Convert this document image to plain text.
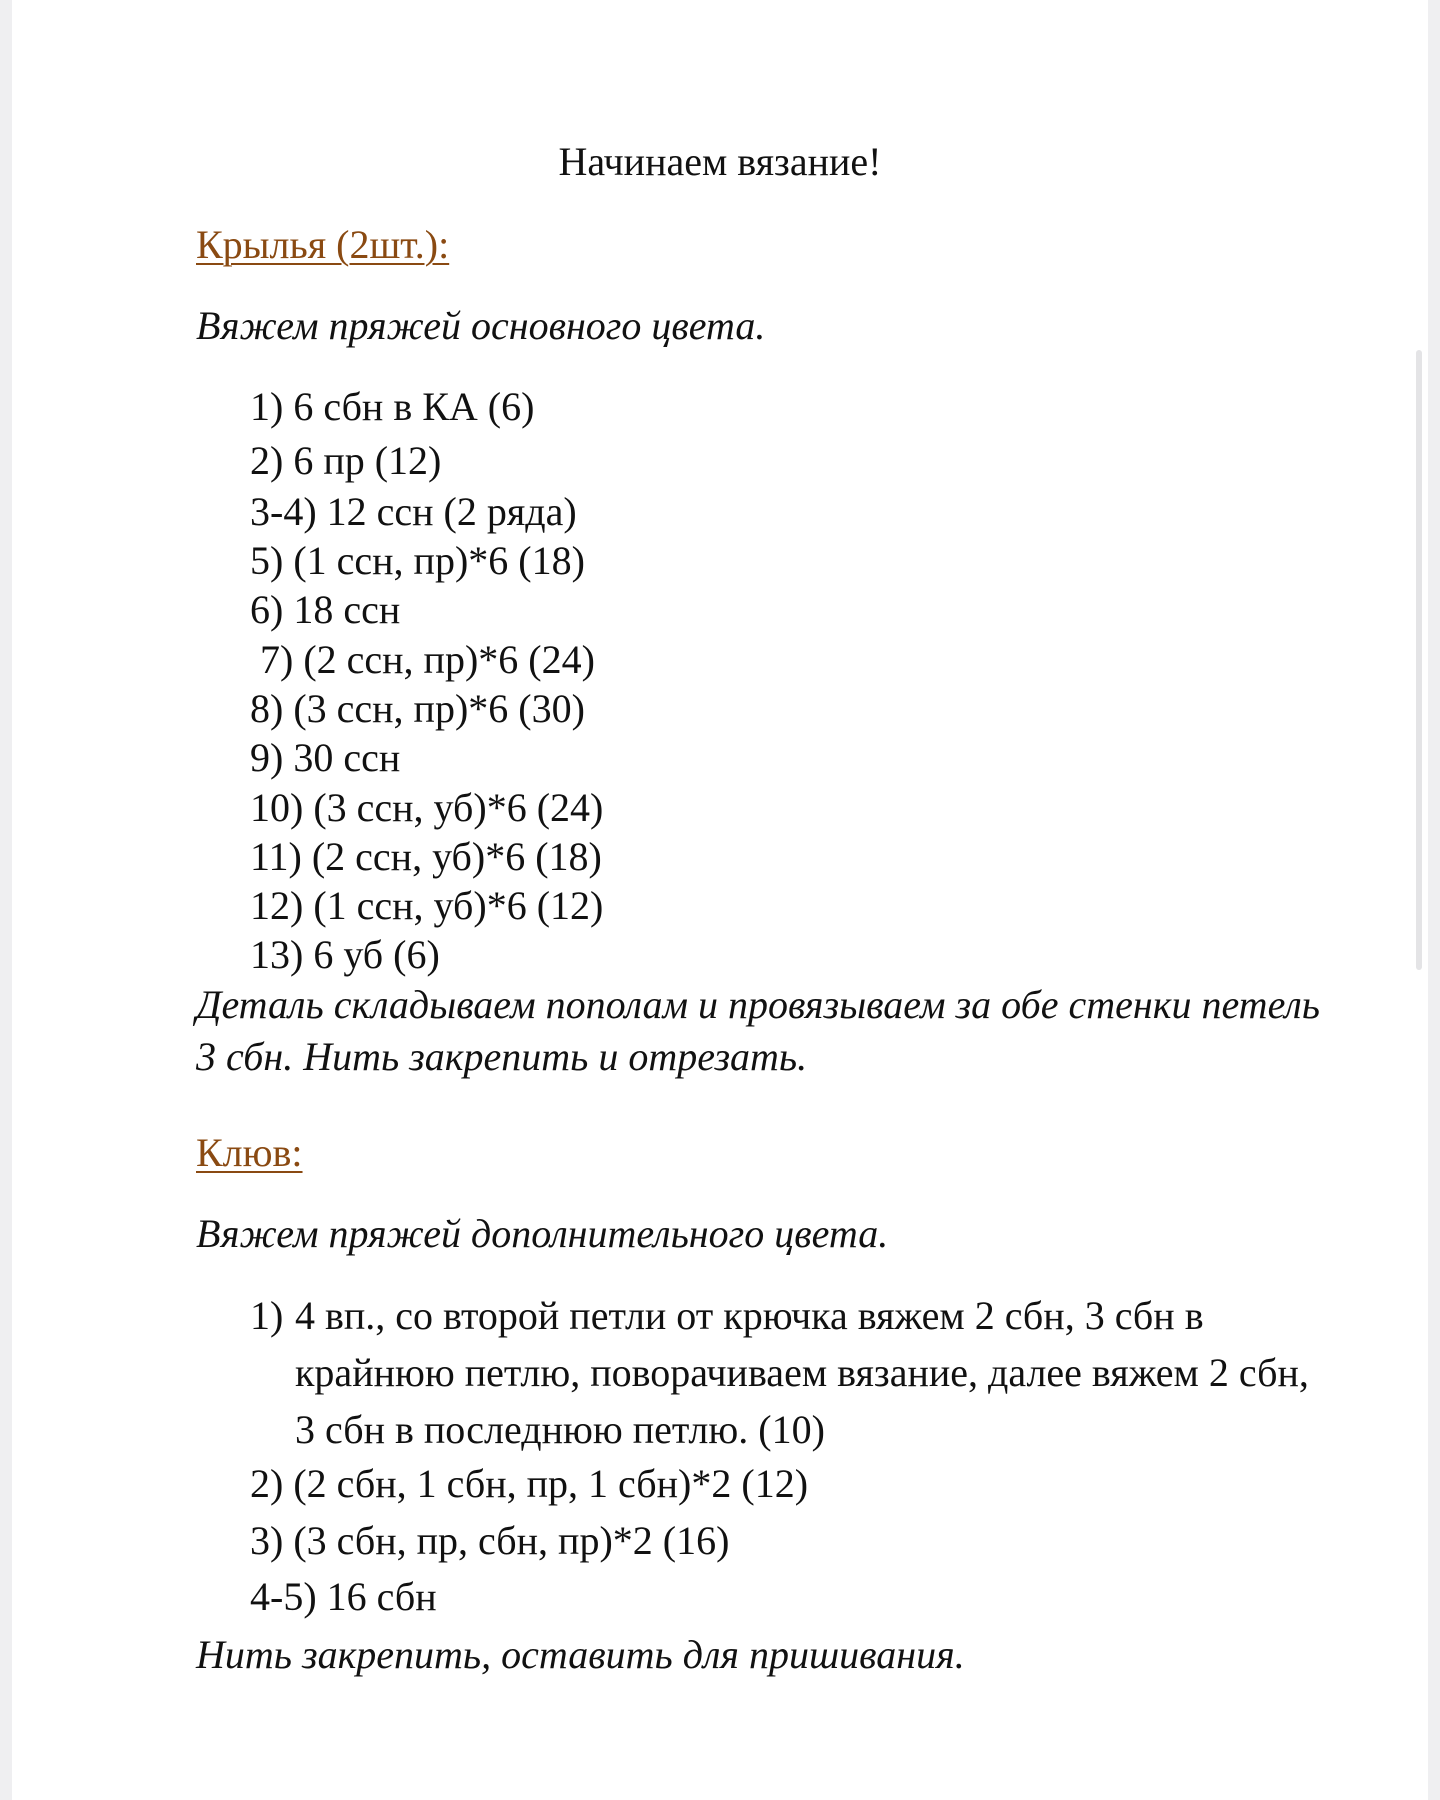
Начинаем вязание!
Крылья (2шт.):
Вяжем пряжей основного цвета.
1) 6 сбн в КА (6)
2) 6 пр (12)
3-4) 12 ссн (2 ряда)
5) (1 ссн, пр)*6 (18)
6) 18 ссн
7) (2 ссн, пр)*6 (24)
8) (3 ссн, пр)*6 (30)
9) 30 ссн
10) (3 ссн, уб)*6 (24)
11) (2 ссн, уб)*6 (18)
12) (1 ссн, уб)*6 (12)
13) 6 уб (6)
Деталь складываем пополам и провязываем за обе стенки петель 3 сбн. Нить закрепить и отрезать.
Клюв:
Вяжем пряжей дополнительного цвета.
1) 4 вп., со второй петли от крючка вяжем 2 сбн, 3 сбн в крайнюю петлю, поворачиваем вязание, далее вяжем 2 сбн, 3 сбн в последнюю петлю. (10)
2) (2 сбн, 1 сбн, пр, 1 сбн)*2 (12)
3) (3 сбн, пр, сбн, пр)*2 (16)
4-5) 16 сбн
Нить закрепить, оставить для пришивания.
